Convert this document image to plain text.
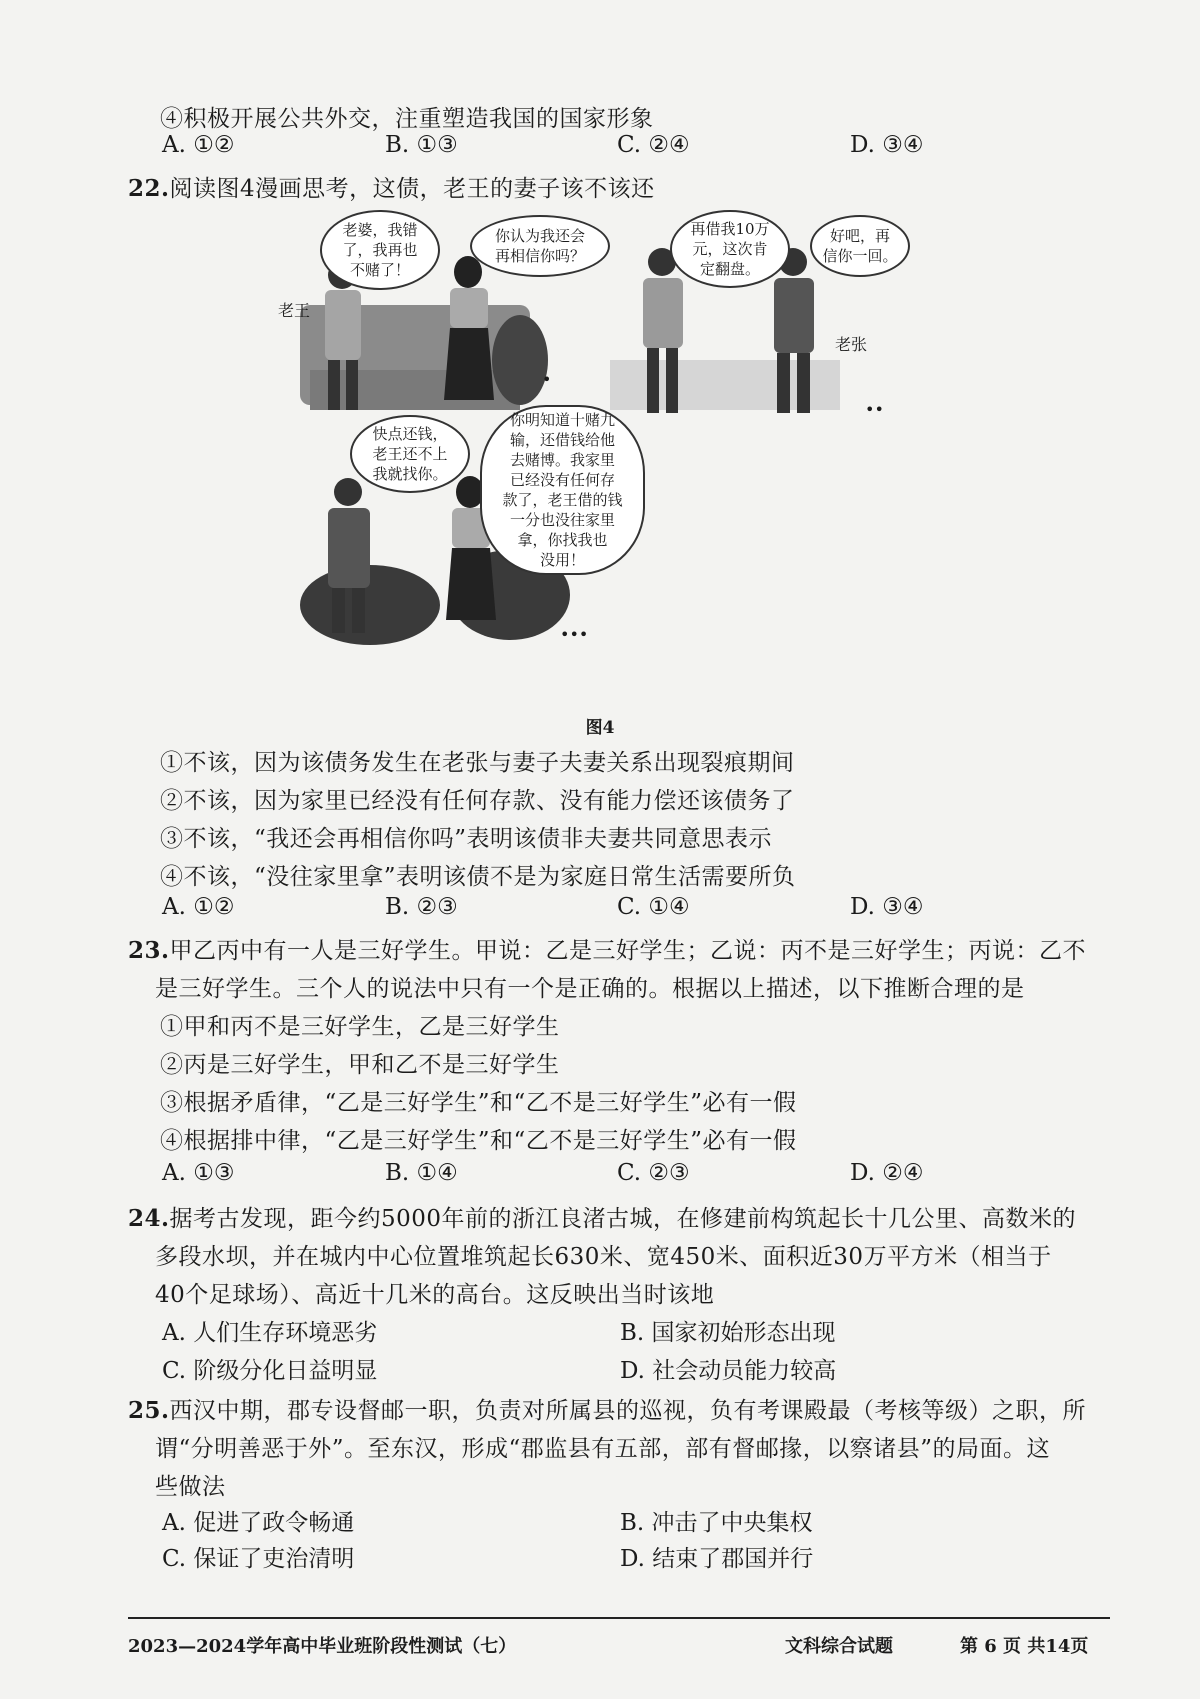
④积极开展公共外交，注重塑造我国的国家形象
A. ①②	B. ①③	C. ②④	D. ③④
22.阅读图4漫画思考，这债，老王的妻子该不该还
老婆，我错
了，我再也
不赌了！
你认为我还会
再相信你吗？
再借我10万
元，这次肯
定翻盘。
好吧，再
信你一回。
快点还钱，
老王还不上
我就找你。
你明知道十赌九
输，还借钱给他
去赌博。我家里
已经没有任何存
款了，老王借的钱
一分也没往家里
拿，你找我也
没用！
老王
老张
•
••
•••
图4
①不该，因为该债务发生在老张与妻子夫妻关系出现裂痕期间
②不该，因为家里已经没有任何存款、没有能力偿还该债务了
③不该，“我还会再相信你吗”表明该债非夫妻共同意思表示
④不该，“没往家里拿”表明该债不是为家庭日常生活需要所负
A. ①②	B. ②③	C. ①④	D. ③④
23.甲乙丙中有一人是三好学生。甲说：乙是三好学生；乙说：丙不是三好学生；丙说：乙不
是三好学生。三个人的说法中只有一个是正确的。根据以上描述，以下推断合理的是
①甲和丙不是三好学生，乙是三好学生
②丙是三好学生，甲和乙不是三好学生
③根据矛盾律，“乙是三好学生”和“乙不是三好学生”必有一假
④根据排中律，“乙是三好学生”和“乙不是三好学生”必有一假
A. ①③	B. ①④	C. ②③	D. ②④
24.据考古发现，距今约5000年前的浙江良渚古城，在修建前构筑起长十几公里、高数米的
多段水坝，并在城内中心位置堆筑起长630米、宽450米、面积近30万平方米（相当于
40个足球场）、高近十几米的高台。这反映出当时该地
A. 人们生存环境恶劣	B. 国家初始形态出现
C. 阶级分化日益明显	D. 社会动员能力较高
25.西汉中期，郡专设督邮一职，负责对所属县的巡视，负有考课殿最（考核等级）之职，所
谓“分明善恶于外”。至东汉，形成“郡监县有五部，部有督邮掾，以察诸县”的局面。这
些做法
A. 促进了政令畅通	B. 冲击了中央集权
C. 保证了吏治清明	D. 结束了郡国并行
2023—2024学年高中毕业班阶段性测试（七）	文科综合试题	第 6 页 共14页
